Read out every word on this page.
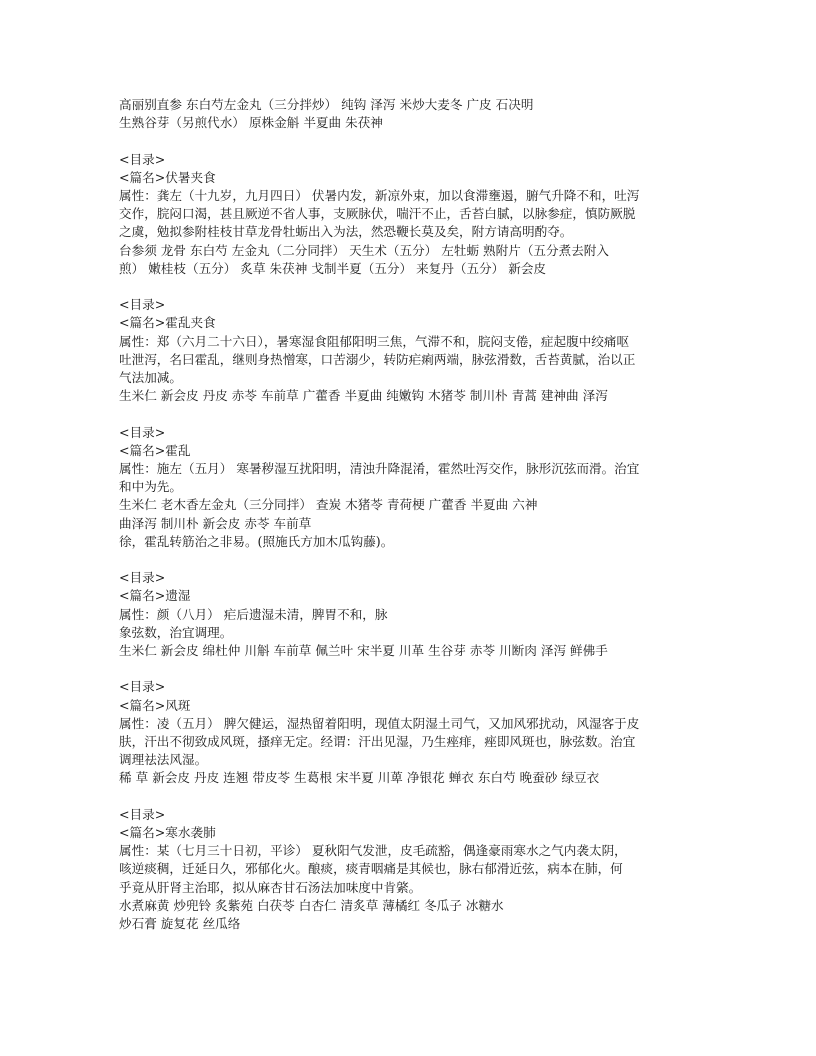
高丽别直参 东白芍左金丸（三分拌炒） 纯钩 泽泻 米炒大麦冬 广皮 石决明
生熟谷芽（另煎代水） 原株金斛 半夏曲 朱茯神
<目录>
<篇名>伏暑夹食
属性：龚左（十九岁，九月四日） 伏暑内发，新凉外束，加以食滞壅遏，腑气升降不和，吐泻
交作，脘闷口渴，甚且厥逆不省人事，支厥脉伏，喘汗不止，舌苔白腻，以脉参症，慎防厥脱
之虞，勉拟参附桂枝甘草龙骨牡蛎出入为法，然恐鞭长莫及矣，附方请高明酌夺。
台参须 龙骨 东白芍 左金丸（二分同拌） 天生术（五分） 左牡蛎 熟附片（五分煮去附入
煎） 嫩桂枝（五分） 炙草 朱茯神 戈制半夏（五分） 来复丹（五分） 新会皮
<目录>
<篇名>霍乱夹食
属性：郑（六月二十六日），暑寒湿食阻郁阳明三焦，气滞不和，脘闷支倦，症起腹中绞痛呕
吐泄泻，名曰霍乱，继则身热憎寒，口苦溺少，转防疟痢两端，脉弦滑数，舌苔黄腻，治以正
气法加减。
生米仁 新会皮 丹皮 赤苓 车前草 广藿香 半夏曲 纯嫩钩 木猪苓 制川朴 青蒿 建神曲 泽泻
<目录>
<篇名>霍乱
属性：施左（五月） 寒暑秽湿互扰阳明，清浊升降混淆，霍然吐泻交作，脉形沉弦而滑。治宜
和中为先。
生米仁 老木香左金丸（三分同拌） 查炭 木猪苓 青荷梗 广藿香 半夏曲 六神
曲泽泻 制川朴 新会皮 赤苓 车前草
徐，霍乱转筋治之非易。(照施氏方加木瓜钩藤)。
<目录>
<篇名>遗湿
属性：颜（八月） 疟后遗湿未清，脾胃不和，脉
象弦数，治宜调理。
生米仁 新会皮 绵杜仲 川斛 车前草 佩兰叶 宋半夏 川革 生谷芽 赤苓 川断肉 泽泻 鲜佛手
<目录>
<篇名>风斑
属性：凌（五月） 脾欠健运，湿热留着阳明，现值太阴湿土司气，又加风邪扰动，风湿客于皮
肤，汗出不彻致成风斑，搔痒无定。经谓：汗出见湿，乃生痤痱，痤即风斑也，脉弦数。治宜
调理祛法风湿。
稀 草 新会皮 丹皮 连翘 带皮苓 生葛根 宋半夏 川萆 净银花 蝉衣 东白芍 晚蚕砂 绿豆衣
<目录>
<篇名>寒水袭肺
属性：某（七月三十日初，平诊） 夏秋阳气发泄，皮毛疏豁，偶逢豪雨寒水之气内袭太阴，
咳逆痰稠，迁延日久，邪郁化火。酿痰，痰青咽痛是其候也，脉右郁滑近弦，病本在肺，何
乎竟从肝肾主治耶，拟从麻杏甘石汤法加味度中肯綮。
水煮麻黄 炒兜铃 炙紫苑 白茯苓 白杏仁 清炙草 薄橘红 冬瓜子 冰糖水
炒石膏 旋复花 丝瓜络
